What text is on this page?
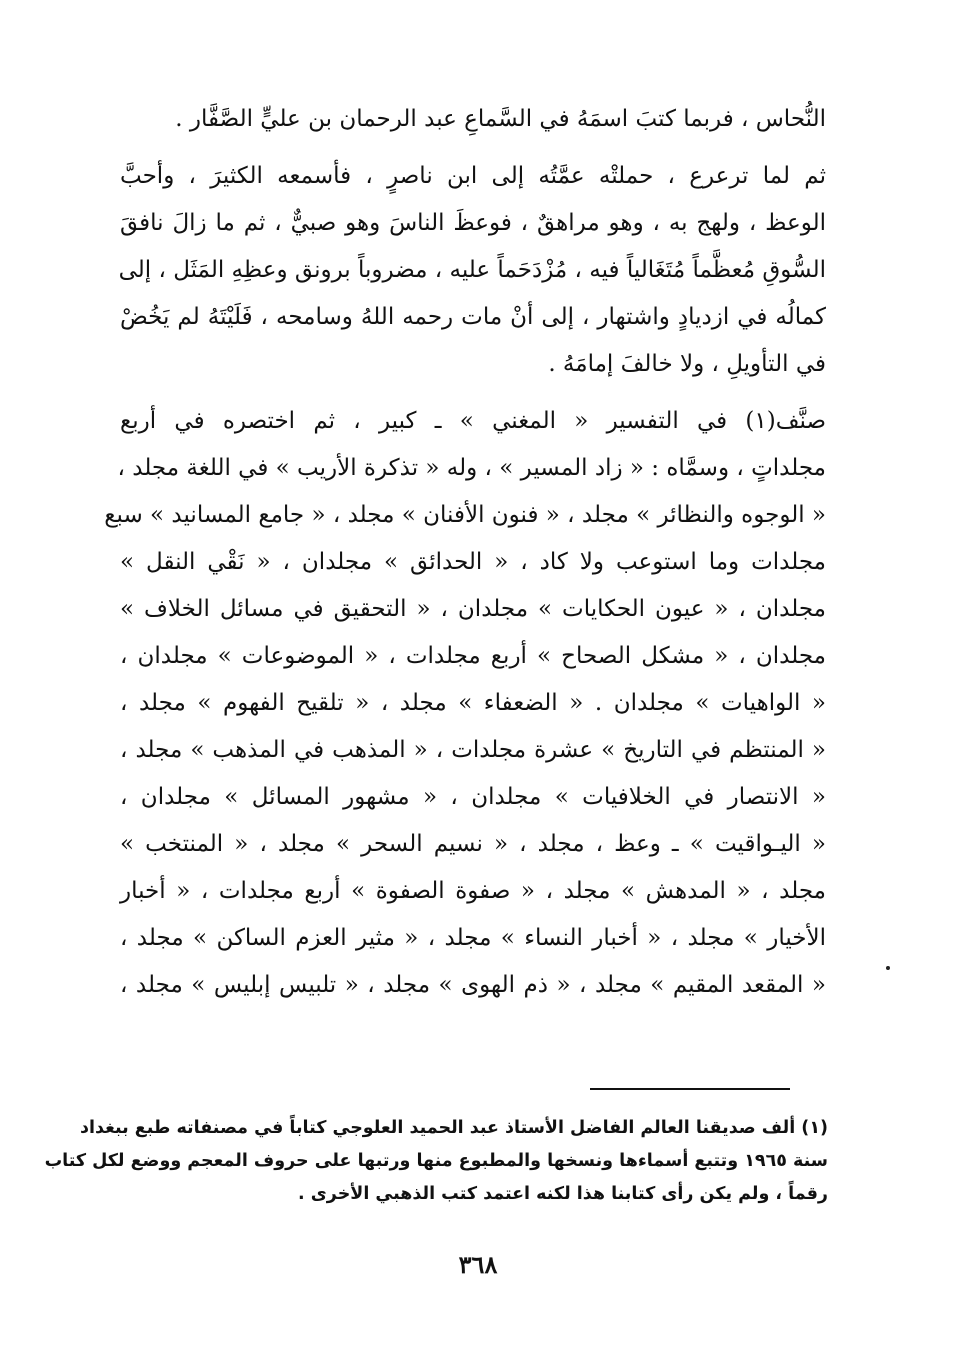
النُّحاس ، فربما كتبَ اسمَهُ في السَّماعِ عبد الرحمان بن عليٍّ الصَّفَّار .
ثم لما ترعرع ، حملتْه عمَّتُه إلى ابن ناصرٍ ، فأسمعه الكثيرَ ، وأحبَّ
الوعظ ، ولهج به ، وهو مراهقٌ ، فوعظَ الناسَ وهو صبيٌّ ، ثم ما زالَ نافقَ
السُّوقِ مُعظَّماً مُتَغَالياً فيه ، مُزْدَحَماً عليه ، مضروباً برونق وعظِهِ المَثَل ، إلى
كمالُه في ازديادٍ واشتهار ، إلى أنْ مات رحمه اللهُ وسامحه ، فَلَيْتَهُ لم يَخُضْ
في التأويلِ ، ولا خالفَ إمامَهُ .
صنَّف(١) في التفسير « المغني » ـ كبير ، ثم اختصره في أربع
مجلداتٍ ، وسمَّاه : « زاد المسير » ، وله « تذكرة الأريب » في اللغة مجلد ،
« الوجوه والنظائر » مجلد ، « فنون الأفنان » مجلد ، « جامع المسانيد » سبع
مجلدات وما استوعب ولا كاد ، « الحدائق » مجلدان ، « نَقْي النقل »
مجلدان ، « عيون الحكايات » مجلدان ، « التحقيق في مسائل الخلاف »
مجلدان ، « مشكل الصحاح » أربع مجلدات ، « الموضوعات » مجلدان ،
« الواهيات » مجلدان . « الضعفاء » مجلد ، « تلقيح الفهوم » مجلد ،
« المنتظم في التاريخ » عشرة مجلدات ، « المذهب في المذهب » مجلد ،
« الانتصار في الخلافيات » مجلدان ، « مشهور المسائل » مجلدان ،
« اليـواقيت » ـ وعظ ، مجلد ، « نسيم السحر » مجلد ، « المنتخب »
مجلد ، « المدهش » مجلد ، « صفوة الصفوة » أربع مجلدات ، « أخبار
الأخيار » مجلد ، « أخبار النساء » مجلد ، « مثير العزم الساكن » مجلد ،
« المقعد المقيم » مجلد ، « ذم الهوى » مجلد ، « تلبيس إبليس » مجلد ،
(١) ألف صديقنا العالم الفاضل الأستاذ عبد الحميد العلوجي كتاباً في مصنفاته طبع ببغداد
سنة ١٩٦٥ وتتبع أسماءها ونسخها والمطبوع منها ورتبها على حروف المعجم ووضع لكل كتاب
رقماً ، ولم يكن رأى كتابنا هذا لكنه اعتمد كتب الذهبي الأخرى .
٣٦٨
